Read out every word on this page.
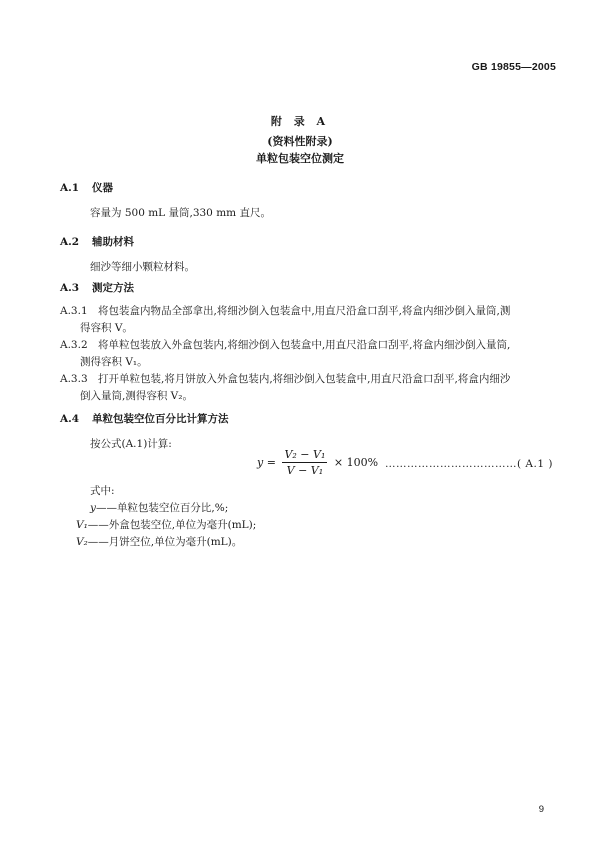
GB 19855—2005
附 录 A
(资料性附录)
单粒包装空位测定
A.1 仪器
容量为 500 mL 量筒,330 mm 直尺。
A.2 辅助材料
细沙等细小颗粒材料。
A.3 测定方法
A.3.1 将包装盒内物品全部拿出,将细沙倒入包装盒中,用直尺沿盒口刮平,将盒内细沙倒入量筒,测
得容积 V。
A.3.2 将单粒包装放入外盒包装内,将细沙倒入包装盒中,用直尺沿盒口刮平,将盒内细沙倒入量筒,
测得容积 V₁。
A.3.3 打开单粒包装,将月饼放入外盒包装内,将细沙倒入包装盒中,用直尺沿盒口刮平,将盒内细沙
倒入量筒,测得容积 V₂。
A.4 单粒包装空位百分比计算方法
按公式(A.1)计算:
$y = \frac{\text{V₂ − V₁}}{\text{V − V₁}} \times 100\%$ ………………………………( A.1 )
式中:
y——单粒包装空位百分比,%;
V₁——外盒包装空位,单位为毫升(mL);
V₂——月饼空位,单位为毫升(mL)。
9
